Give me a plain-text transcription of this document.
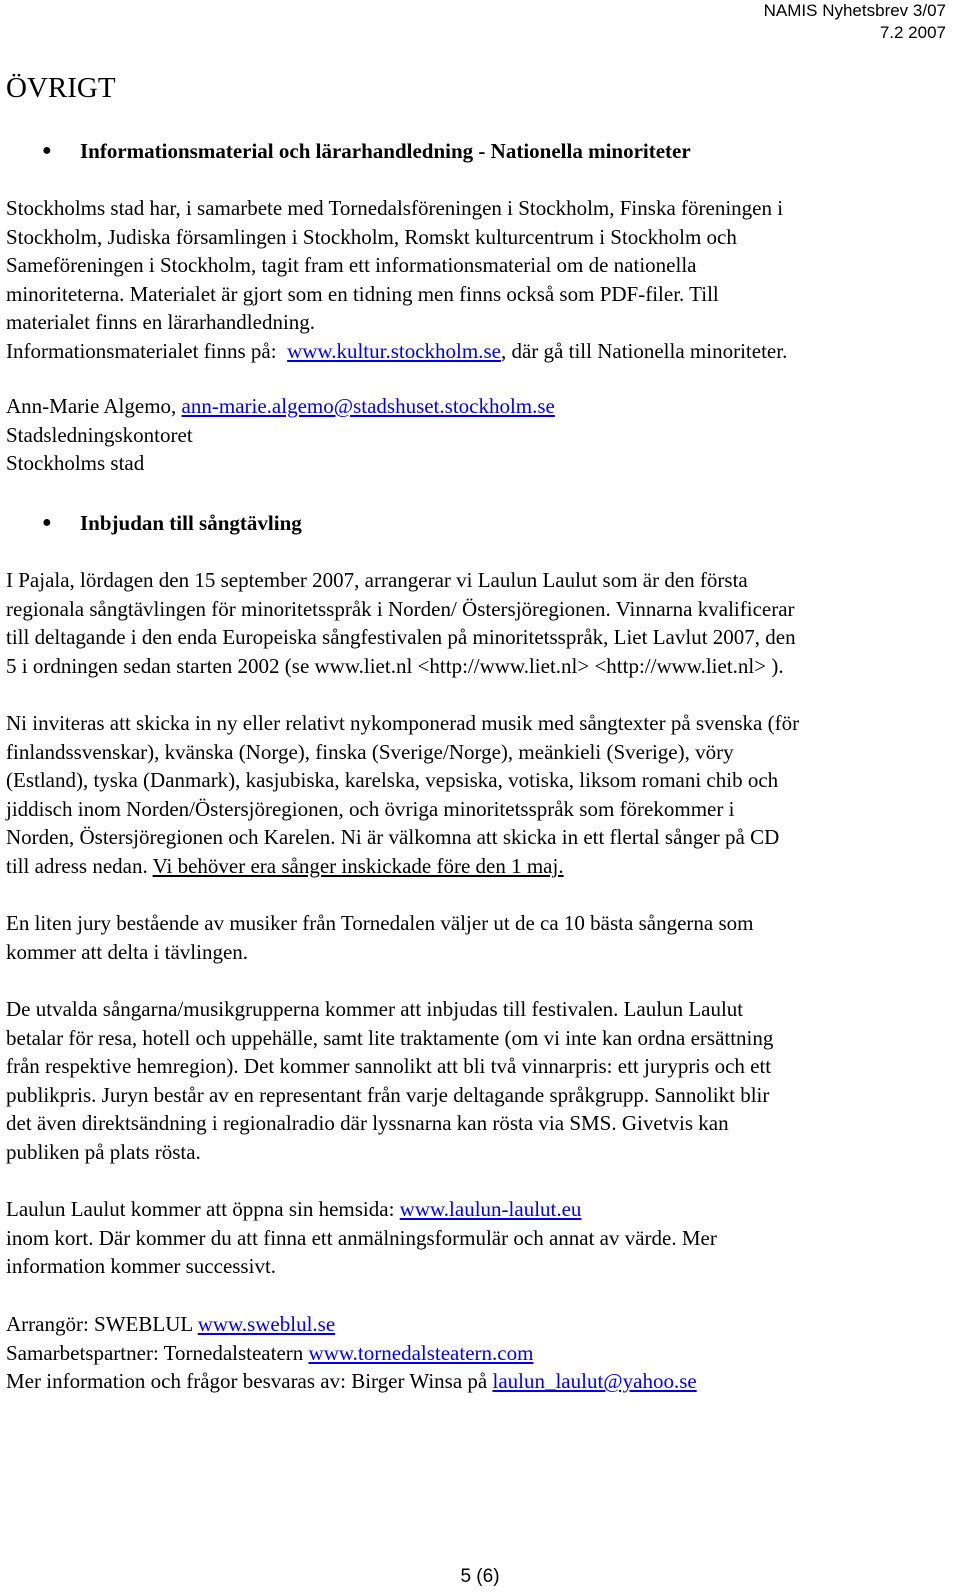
NAMIS Nyhetsbrev 3/07
7.2 2007
ÖVRIGT
● Informationsmaterial och lärarhandledning - Nationella minoriteter
Stockholms stad har, i samarbete med Tornedalsföreningen i Stockholm, Finska föreningen i
Stockholm, Judiska församlingen i Stockholm, Romskt kulturcentrum i Stockholm och
Sameföreningen i Stockholm, tagit fram ett informationsmaterial om de nationella
minoriteterna. Materialet är gjort som en tidning men finns också som PDF-filer. Till
materialet finns en lärarhandledning.
Informationsmaterialet finns på:  www.kultur.stockholm.se, där gå till Nationella minoriteter.
Ann-Marie Algemo, ann-marie.algemo@stadshuset.stockholm.se
Stadsledningskontoret
Stockholms stad
● Inbjudan till sångtävling
I Pajala, lördagen den 15 september 2007, arrangerar vi Laulun Laulut som är den första
regionala sångtävlingen för minoritetsspråk i Norden/ Östersjöregionen. Vinnarna kvalificerar
till deltagande i den enda Europeiska sångfestivalen på minoritetsspråk, Liet Lavlut 2007, den
5 i ordningen sedan starten 2002 (se www.liet.nl <http://www.liet.nl> <http://www.liet.nl> ).
Ni inviteras att skicka in ny eller relativt nykomponerad musik med sångtexter på svenska (för
finlandssvenskar), kvänska (Norge), finska (Sverige/Norge), meänkieli (Sverige), vöry
(Estland), tyska (Danmark), kasjubiska, karelska, vepsiska, votiska, liksom romani chib och
jiddisch inom Norden/Östersjöregionen, och övriga minoritetsspråk som förekommer i
Norden, Östersjöregionen och Karelen. Ni är välkomna att skicka in ett flertal sånger på CD
till adress nedan. Vi behöver era sånger inskickade före den 1 maj.
En liten jury bestående av musiker från Tornedalen väljer ut de ca 10 bästa sångerna som
kommer att delta i tävlingen.
De utvalda sångarna/musikgrupperna kommer att inbjudas till festivalen. Laulun Laulut
betalar för resa, hotell och uppehälle, samt lite traktamente (om vi inte kan ordna ersättning
från respektive hemregion). Det kommer sannolikt att bli två vinnarpris: ett jurypris och ett
publikpris. Juryn består av en representant från varje deltagande språkgrupp. Sannolikt blir
det även direktsändning i regionalradio där lyssnarna kan rösta via SMS. Givetvis kan
publiken på plats rösta.
Laulun Laulut kommer att öppna sin hemsida: www.laulun-laulut.eu
inom kort. Där kommer du att finna ett anmälningsformulär och annat av värde. Mer
information kommer successivt.
Arrangör: SWEBLUL www.sweblul.se
Samarbetspartner: Tornedalsteatern www.tornedalsteatern.com
Mer information och frågor besvaras av: Birger Winsa på laulun_laulut@yahoo.se
5 (6)
